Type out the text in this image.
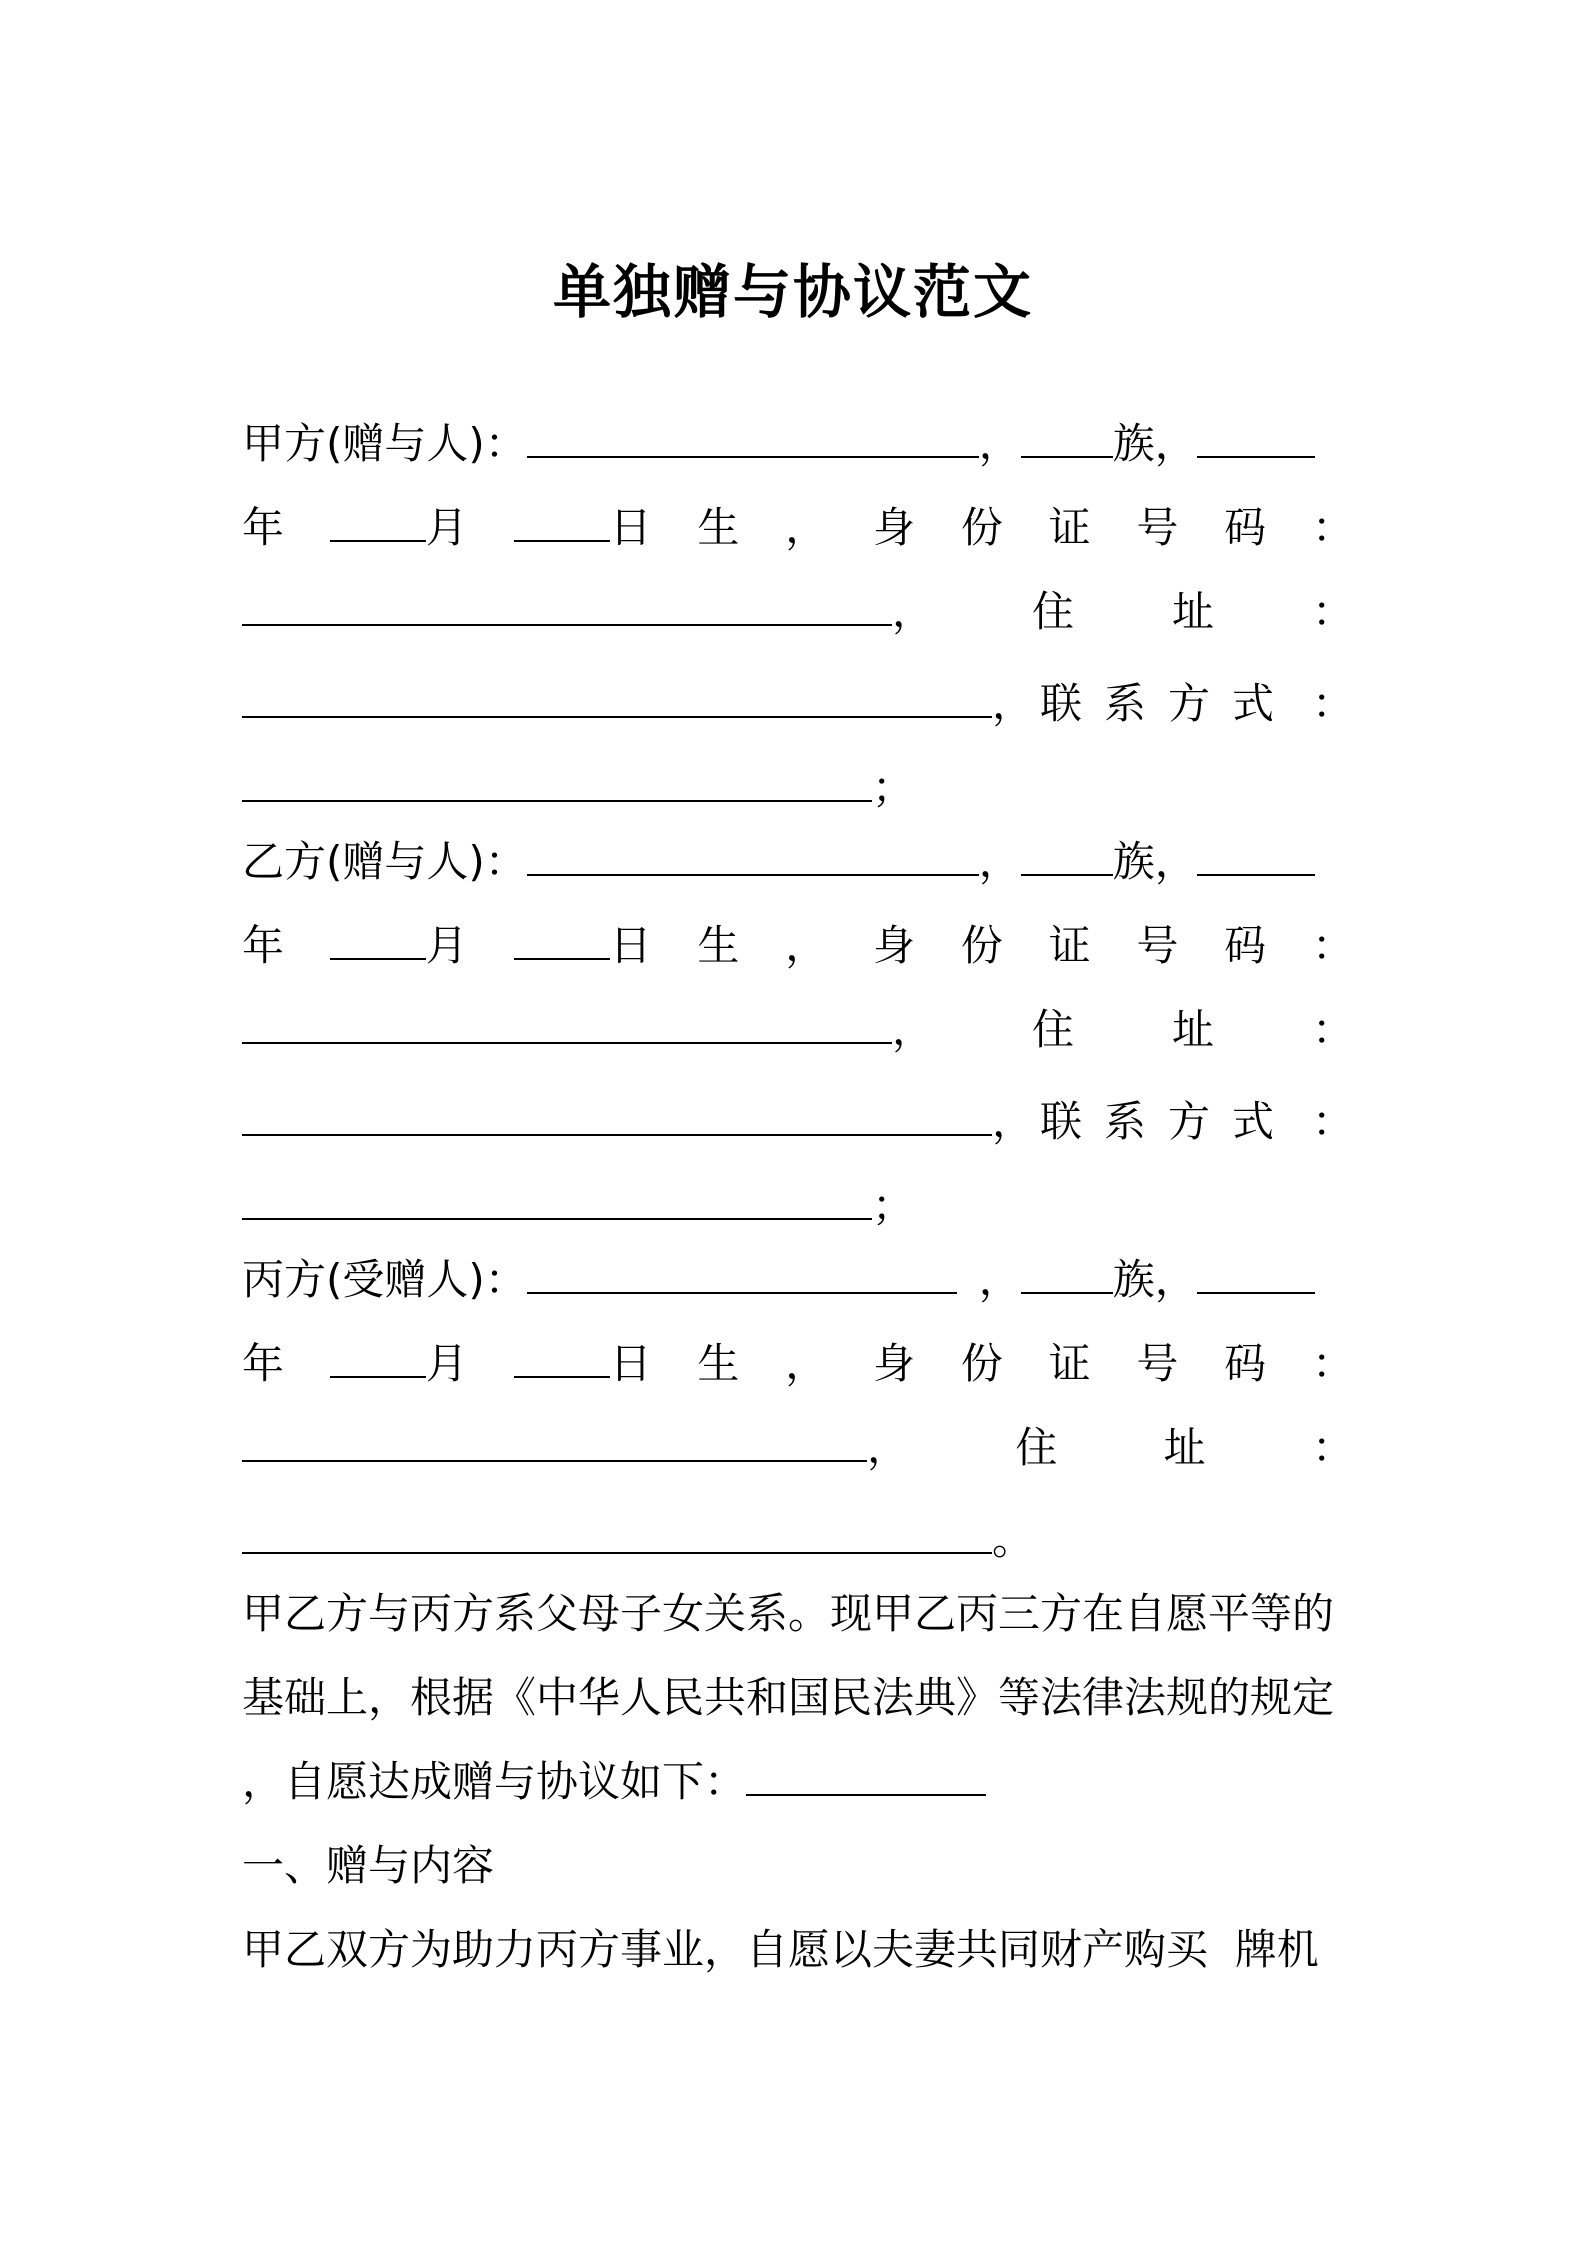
单独赠与协议范文
甲方(赠与人)：	， 族，
年	月	日 生 ， 身 份 证 号 码 ：
， 住 址 ：
， 联系方式 ：
；
乙方(赠与人)：	， 族，
年	月	日 生 ， 身 份 证 号 码 ：
， 住 址 ：
， 联系方式 ：
；
丙方(受赠人)：	， 族，
年	月	日 生 ， 身 份 证 号 码 ：
，	住	址	：
。
甲乙方与丙方系父母子女关系。现甲乙丙三方在自愿平等的
基础上，根据《中华人民共和国民法典》等法律法规的规定
，自愿达成赠与协议如下：
一、赠与内容
甲乙双方为助力丙方事业，自愿以夫妻共同财产购买  牌机
